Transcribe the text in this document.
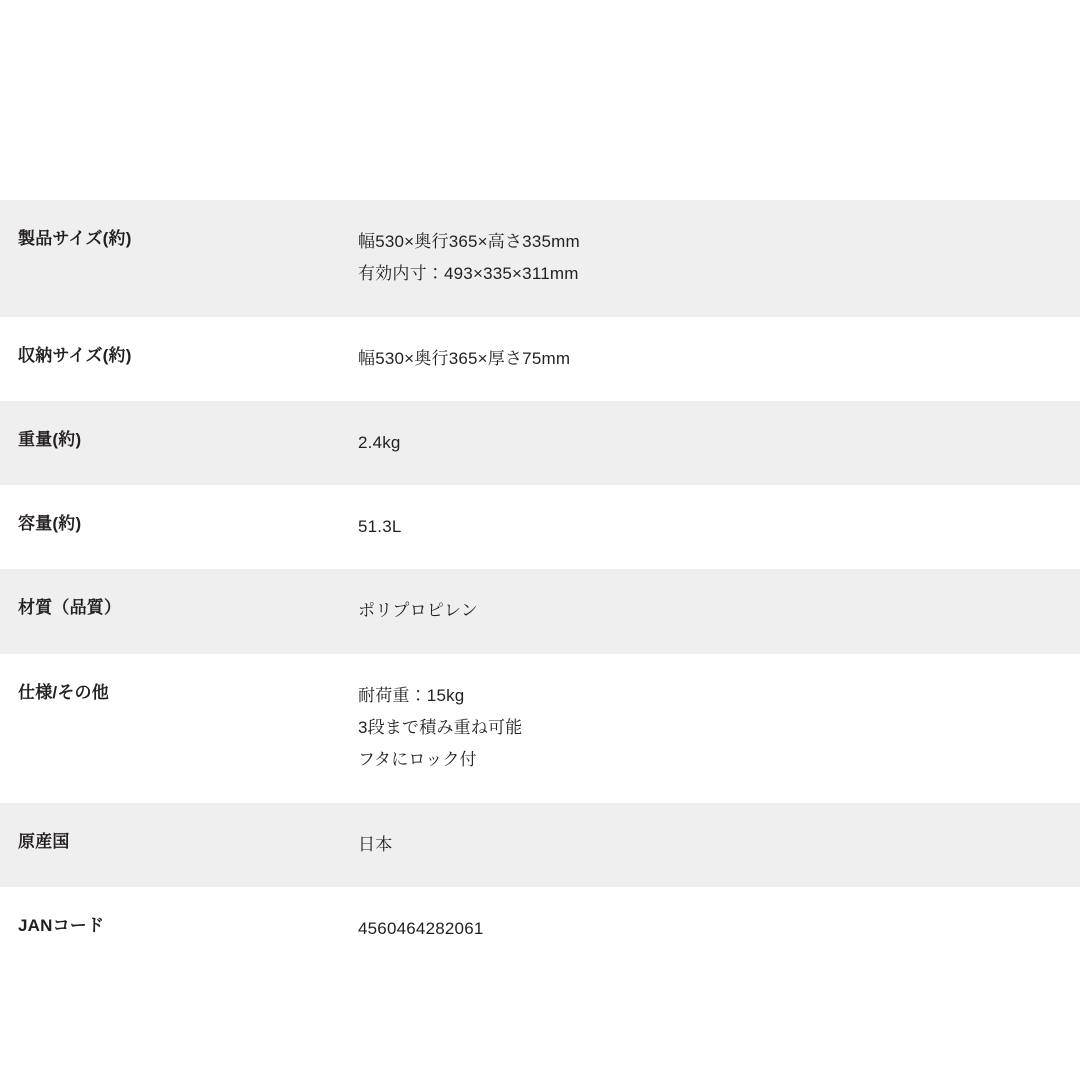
製品サイズ(約)	幅530×奥行365×高さ335mm
有効内寸：493×335×311mm

収納サイズ(約)	幅530×奥行365×厚さ75mm

重量(約)	2.4kg

容量(約)	51.3L

材質（品質）	ポリプロピレン

仕様/その他	耐荷重：15kg
3段まで積み重ね可能
フタにロック付

原産国	日本

JANコード	4560464282061
